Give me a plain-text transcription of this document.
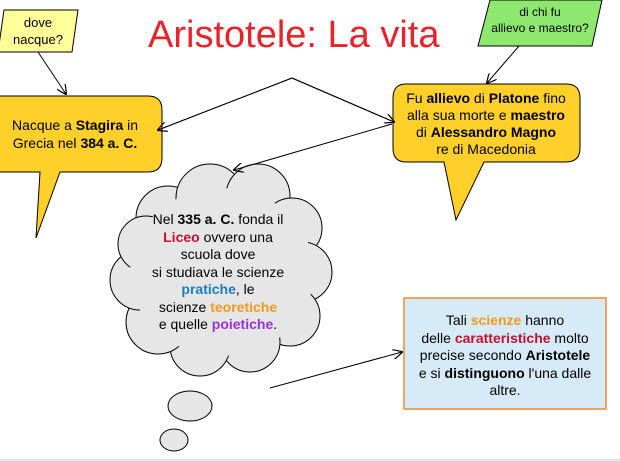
Aristotele: La vita
dove
nacque?
di chi fu
allievo e maestro?
Nacque a Stagira in
Grecia nel 384 a. C.
Fu allievo di Platone fino
alla sua morte e maestro
di Alessandro Magno
re di Macedonia
Nel 335 a. C. fonda il
Liceo ovvero una
scuola dove
si studiava le scienze
pratiche, le
scienze teoretiche
e quelle poietiche.	Tali scienze hanno
delle caratteristiche molto
precise secondo Aristotele
e si distinguono l'una dalle
altre.
